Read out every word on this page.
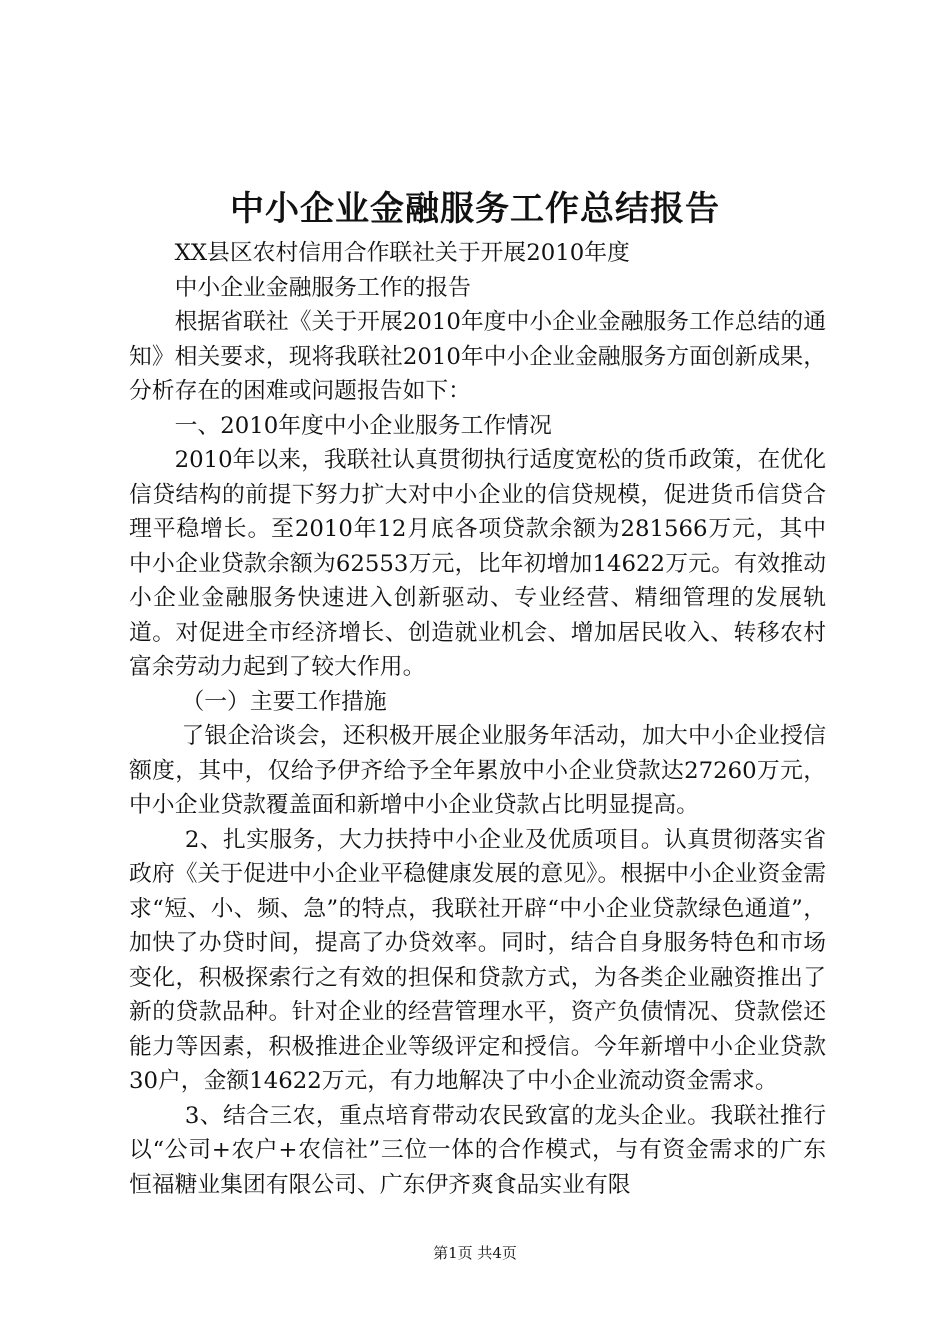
中小企业金融服务工作总结报告

XX县区农村信用合作联社关于开展2010年度

中小企业金融服务工作的报告

根据省联社《关于开展2010年度中小企业金融服务工作总结的通知》相关要求，现将我联社2010年中小企业金融服务方面创新成果，分析存在的困难或问题报告如下：

一、2010年度中小企业服务工作情况

2010年以来，我联社认真贯彻执行适度宽松的货币政策，在优化信贷结构的前提下努力扩大对中小企业的信贷规模，促进货币信贷合理平稳增长。至2010年12月底各项贷款余额为281566万元，其中中小企业贷款余额为62553万元，比年初增加14622万元。有效推动小企业金融服务快速进入创新驱动、专业经营、精细管理的发展轨道。对促进全市经济增长、创造就业机会、增加居民收入、转移农村富余劳动力起到了较大作用。

（一）主要工作措施

了银企洽谈会，还积极开展企业服务年活动，加大中小企业授信额度，其中，仅给予伊齐给予全年累放中小企业贷款达27260万元，中小企业贷款覆盖面和新增中小企业贷款占比明显提高。

2、扎实服务，大力扶持中小企业及优质项目。认真贯彻落实省政府《关于促进中小企业平稳健康发展的意见》。根据中小企业资金需求“短、小、频、急”的特点，我联社开辟“中小企业贷款绿色通道”，加快了办贷时间，提高了办贷效率。同时，结合自身服务特色和市场变化，积极探索行之有效的担保和贷款方式，为各类企业融资推出了新的贷款品种。针对企业的经营管理水平，资产负债情况、贷款偿还能力等因素，积极推进企业等级评定和授信。今年新增中小企业贷款30户，金额14622万元，有力地解决了中小企业流动资金需求。

3、结合三农，重点培育带动农民致富的龙头企业。我联社推行以“公司+农户+农信社”三位一体的合作模式，与有资金需求的广东恒福糖业集团有限公司、广东伊齐爽食品实业有限

第1页 共4页
